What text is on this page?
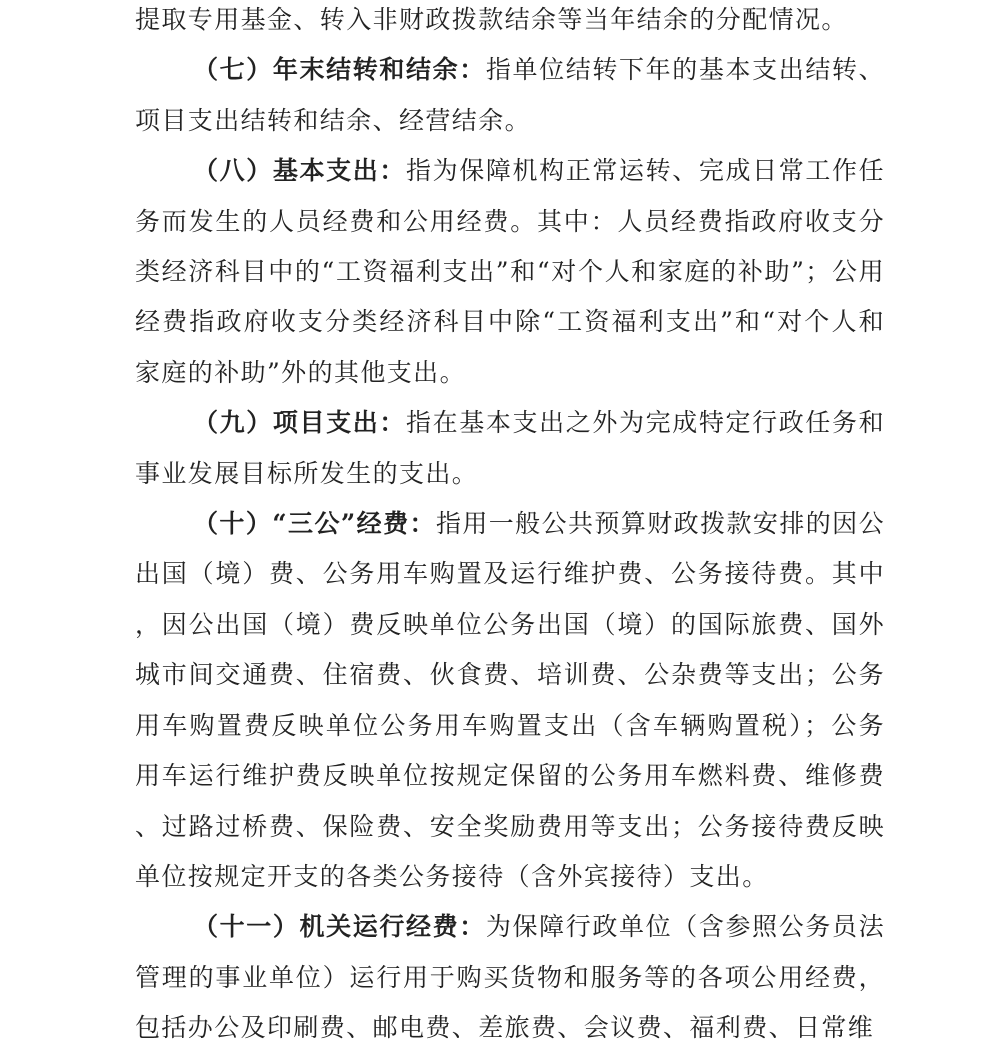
提取专用基金、转入非财政拨款结余等当年结余的分配情况。

（七）年末结转和结余：指单位结转下年的基本支出结转、项目支出结转和结余、经营结余。

（八）基本支出：指为保障机构正常运转、完成日常工作任务而发生的人员经费和公用经费。其中：人员经费指政府收支分类经济科目中的“工资福利支出”和“对个人和家庭的补助”；公用经费指政府收支分类经济科目中除“工资福利支出”和“对个人和家庭的补助”外的其他支出。

（九）项目支出：指在基本支出之外为完成特定行政任务和事业发展目标所发生的支出。

（十）“三公”经费：指用一般公共预算财政拨款安排的因公出国（境）费、公务用车购置及运行维护费、公务接待费。其中，因公出国（境）费反映单位公务出国（境）的国际旅费、国外城市间交通费、住宿费、伙食费、培训费、公杂费等支出；公务用车购置费反映单位公务用车购置支出（含车辆购置税）；公务用车运行维护费反映单位按规定保留的公务用车燃料费、维修费、过路过桥费、保险费、安全奖励费用等支出；公务接待费反映单位按规定开支的各类公务接待（含外宾接待）支出。

（十一）机关运行经费：为保障行政单位（含参照公务员法管理的事业单位）运行用于购买货物和服务等的各项公用经费，包括办公及印刷费、邮电费、差旅费、会议费、福利费、日常维
